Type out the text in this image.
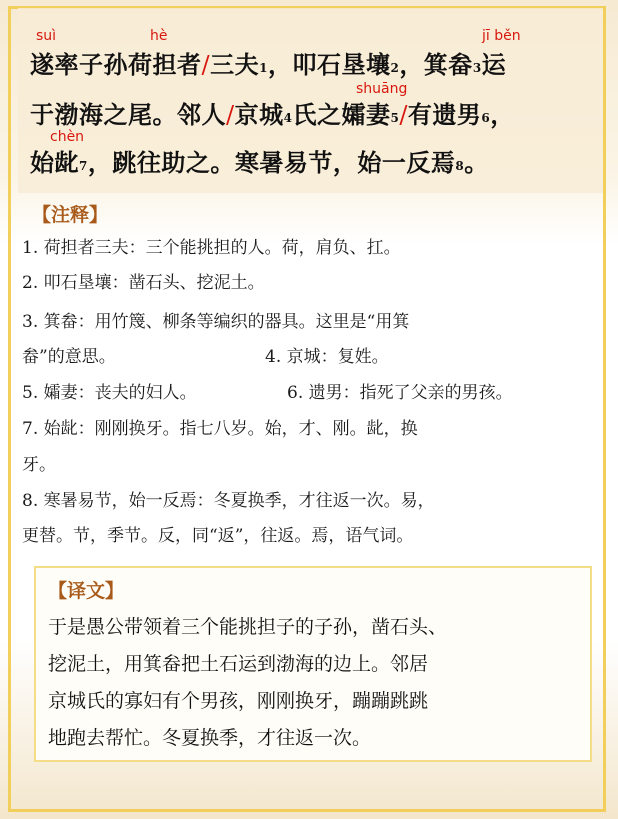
suì	hè	jī běn
shuāng
chèn
遂率子孙荷担者/三夫$^1$，叩石垦壤$^2$，箕畚$^3$运
于渤海之尾。邻人/京城$^4$氏之孀妻$^5$/有遗男$^6$，
始龀$^7$，跳往助之。寒暑易节，始一反焉$^8$。
【注释】
1. 荷担者三夫：三个能挑担的人。荷，肩负、扛。
2. 叩石垦壤：凿石头、挖泥土。
3. 箕畚：用竹篾、柳条等编织的器具。这里是“用箕
畚”的意思。	4. 京城：复姓。
5. 孀妻：丧夫的妇人。	6. 遗男：指死了父亲的男孩。
7. 始龀：刚刚换牙。指七八岁。始，才、刚。龀，换
牙。
8. 寒暑易节，始一反焉：冬夏换季，才往返一次。易，
更替。节，季节。反，同“返”，往返。焉，语气词。
【译文】
于是愚公带领着三个能挑担子的子孙，凿石头、
挖泥土，用箕畚把土石运到渤海的边上。邻居
京城氏的寡妇有个男孩，刚刚换牙，蹦蹦跳跳
地跑去帮忙。冬夏换季，才往返一次。
